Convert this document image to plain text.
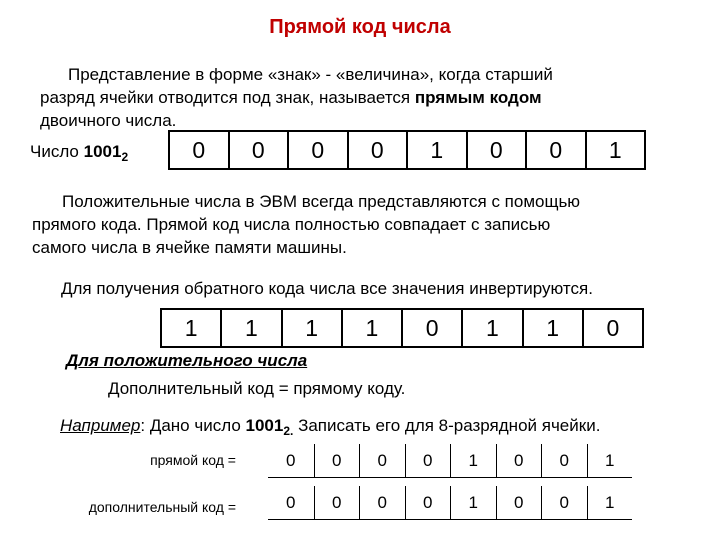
Прямой код числа
Представление в форме «знак» - «величина», когда старший
разряд ячейки отводится под знак, называется прямым кодом
двоичного числа.
Число $1001_2$	0	0	0	0	1	0	0	1
Положительные числа в ЭВМ всегда представляются с помощью
прямого кода. Прямой код числа полностью совпадает с записью
самого числа в ячейке памяти машины.
Для получения обратного кода числа все значения инвертируются.
1	1	1	1	0	1	1	0
Для положительного числа
Дополнительный код = прямому коду.
Например: Дано число $1001_{2.}$ Записать его для 8-разрядной ячейки.
прямой код =	0	0	0	0	1	0	0	1
дополнительный код =	0	0	0	0	1	0	0	1
